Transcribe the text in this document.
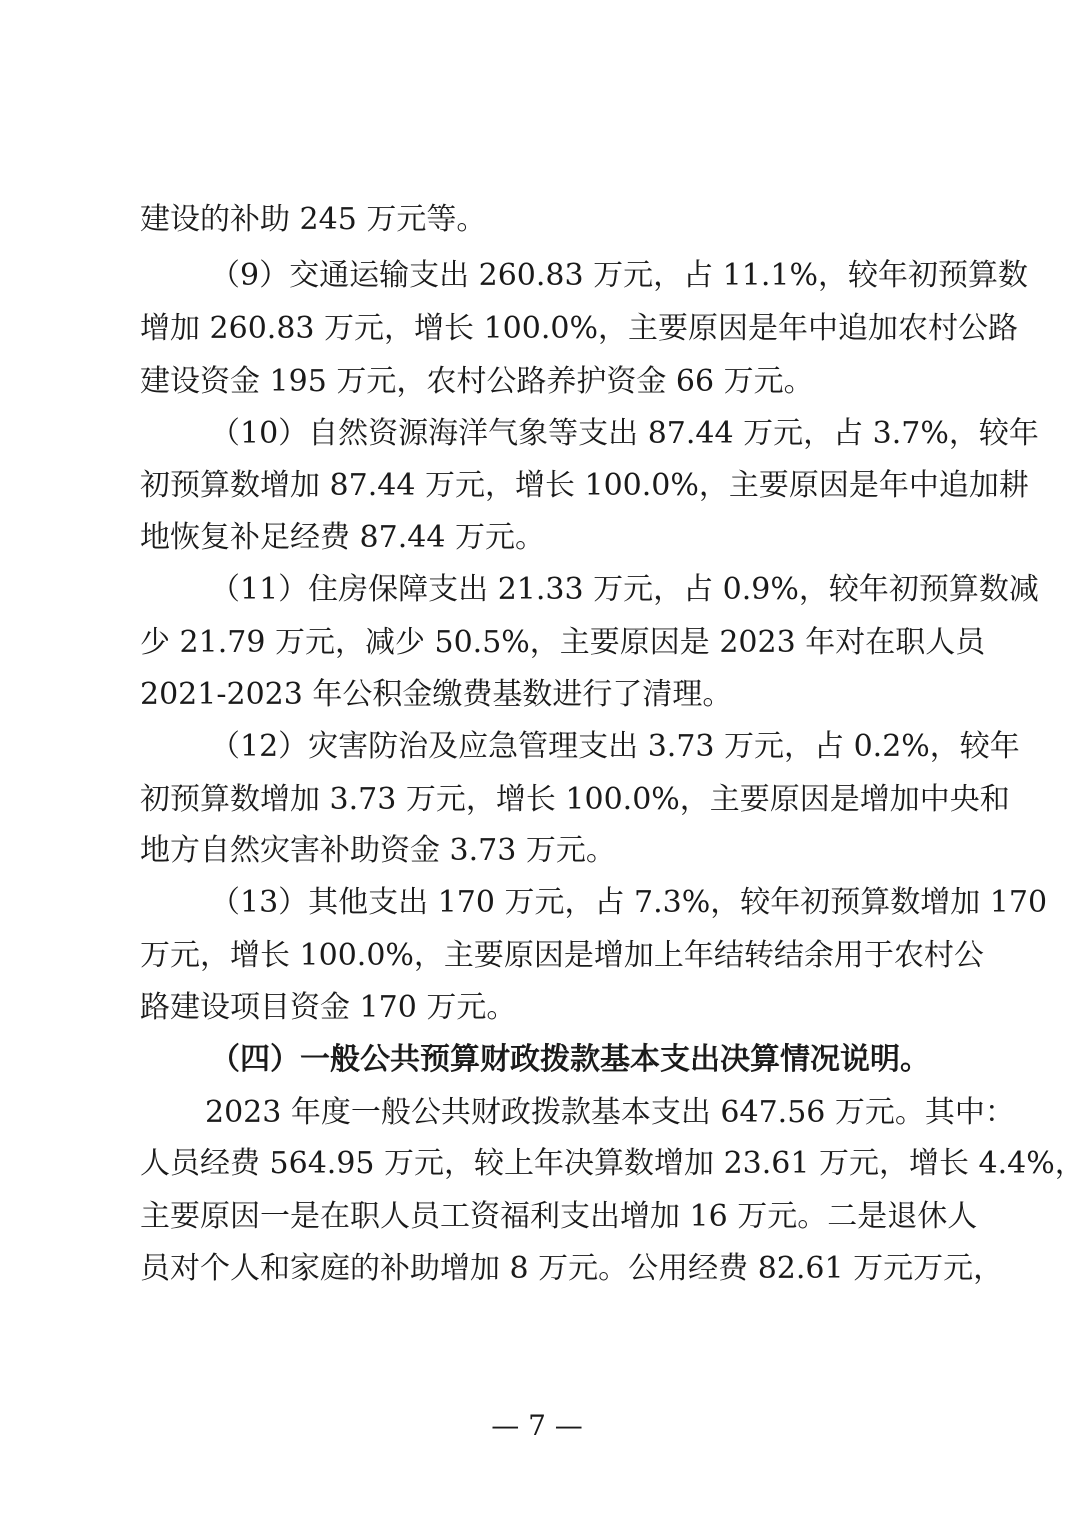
建设的补助 245 万元等。
（9）交通运输支出 260.83 万元，占 11.1%，较年初预算数
增加 260.83 万元，增长 100.0%，主要原因是年中追加农村公路
建设资金 195 万元，农村公路养护资金 66 万元。
（10）自然资源海洋气象等支出 87.44 万元，占 3.7%，较年
初预算数增加 87.44 万元，增长 100.0%，主要原因是年中追加耕
地恢复补足经费 87.44 万元。
（11）住房保障支出 21.33 万元，占 0.9%，较年初预算数减
少 21.79 万元，减少 50.5%，主要原因是 2023 年对在职人员
2021-2023 年公积金缴费基数进行了清理。
（12）灾害防治及应急管理支出 3.73 万元，占 0.2%，较年
初预算数增加 3.73 万元，增长 100.0%，主要原因是增加中央和
地方自然灾害补助资金 3.73 万元。
（13）其他支出 170 万元，占 7.3%，较年初预算数增加 170
万元，增长 100.0%，主要原因是增加上年结转结余用于农村公
路建设项目资金 170 万元。
（四）一般公共预算财政拨款基本支出决算情况说明。
2023 年度一般公共财政拨款基本支出 647.56 万元。其中：
人员经费 564.95 万元，较上年决算数增加 23.61 万元，增长 4.4%，
主要原因一是在职人员工资福利支出增加 16 万元。二是退休人
员对个人和家庭的补助增加 8 万元。公用经费 82.61 万元万元，
— 7 —
